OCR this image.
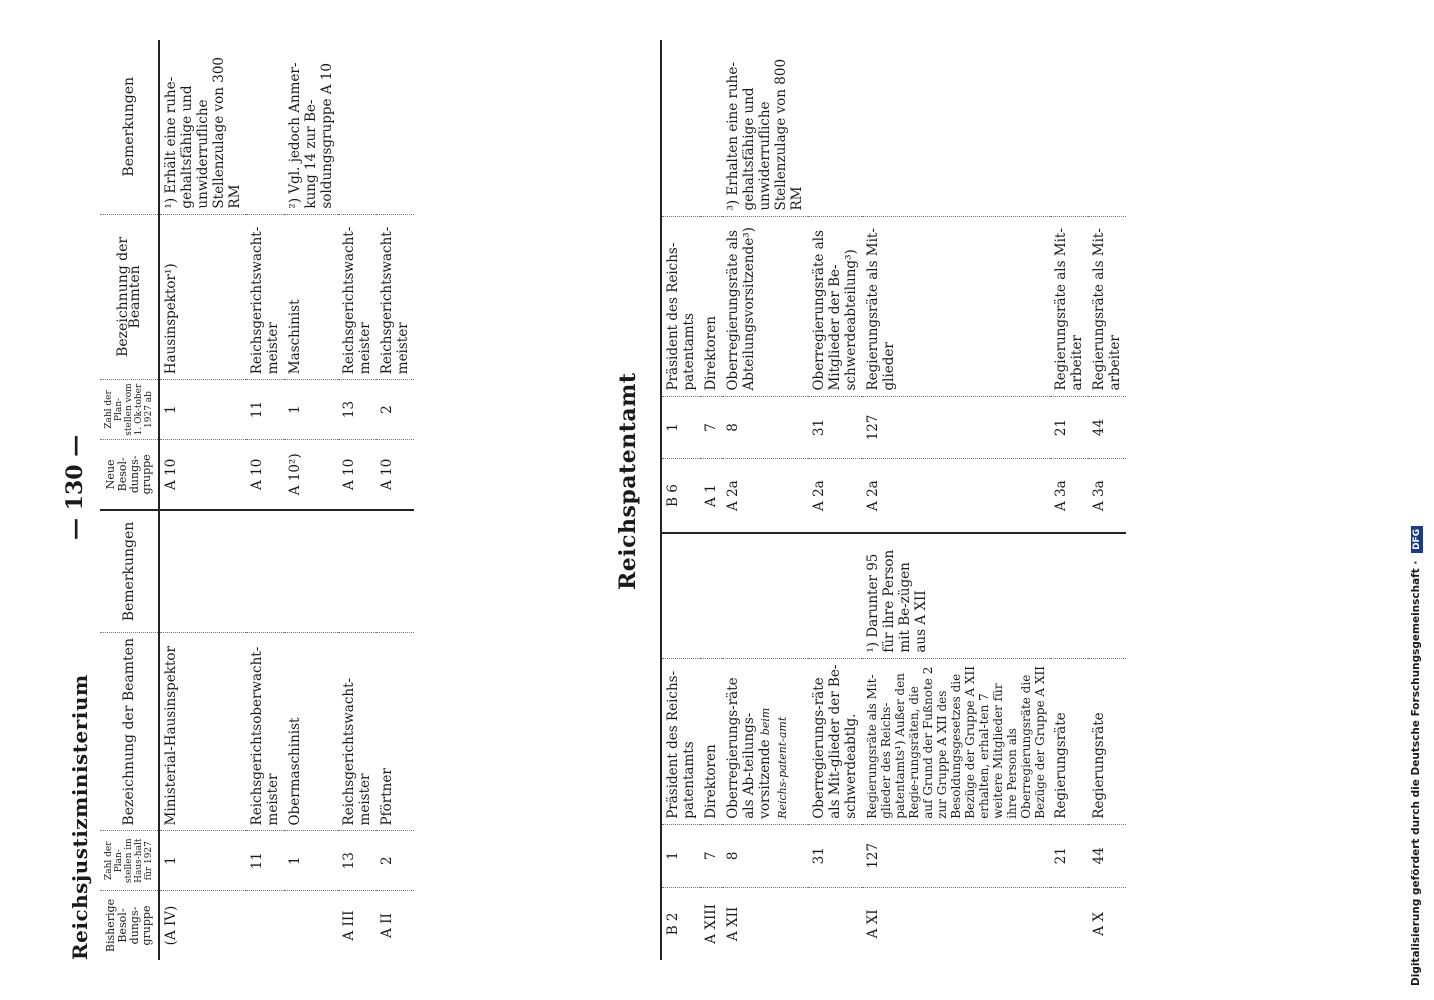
Reichsjustizministerium
— 130 —
Bisherige Besol-dungs-gruppe	Zahl der Plan-stellen im Haus-halt für 1927	Bezeichnung der Beamten	Bemerkungen	Neue Besol-dungs-gruppe	Zahl der Plan-stellen vom 1. Ok-tober 1927 ab	Bezeichnung der Beamten	Bemerkungen
(A IV)	1	Ministerial-Hausinspektor		A 10	1	Hausinspektor¹)	¹) Erhält eine ruhe-gehaltsfähige und unwiderrufliche Stellenzulage von 300 RM
	11	Reichsgerichtsoberwacht-meister		A 10	11	Reichsgerichtswacht-meister	
	1	Obermaschinist		A 10²)	1	Maschinist	²) Vgl. jedoch Anmer-kung 14 zur Be-soldungsgruppe A 10
A III	13	Reichsgerichtswacht-meister		A 10	13	Reichsgerichtswacht-meister	
A II	2	Pförtner		A 10	2	Reichsgerichtswacht-meister	
Reichspatentamt
B 2	1	Präsident des Reichs-patentamts		B 6	1	Präsident des Reichs-patentamts	
A XIII	7	Direktoren		A 1	7	Direktoren	
A XII	8	Oberregierungs-räte als Ab-teilungs-vorsitzende beim Reichs-patent-amt		A 2a	8	Oberregierungsräte als Abteilungsvorsitzende³)	³) Erhalten eine ruhe-gehaltsfähige und unwiderrufliche Stellenzulage von 800 RM
	31	Oberregierungs-räte als Mit-glieder der Be-schwerdeabtlg.		A 2a	31	Oberregierungsräte als Mitglieder der Be-schwerdeabteilung³)	
A XI	127	Regierungsräte als Mit-glieder des Reichs-patentamts¹) Außer den Regie-rungsräten, die auf Grund der Fußnote 2 zur Gruppe A XII des Besoldungsgesetzes die Bezüge der Gruppe A XII erhalten, erhal-ten 7 weitere Mitglieder für ihre Person als Oberregierungsräte die Bezüge der Gruppe A XII	¹) Darunter 95 für ihre Person mit Be-zügen aus A XII	A 2a	127	Regierungsräte als Mit-glieder	
	21	Regierungsräte		A 3a	21	Regierungsräte als Mit-arbeiter	
A X	44	Regierungsräte		A 3a	44	Regierungsräte als Mit-arbeiter	
Digitalisierung gefördert durch die Deutsche Forschungsgemeinschaft · DFG
